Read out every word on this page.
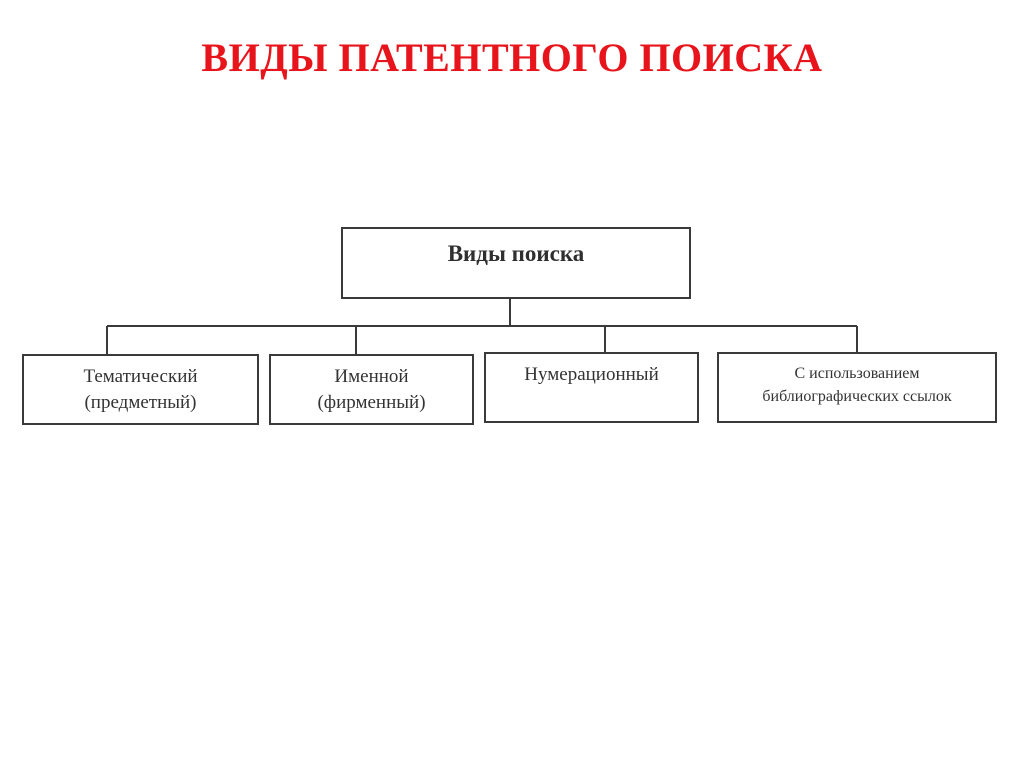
ВИДЫ ПАТЕНТНОГО ПОИСКА
Виды поиска
Тематический
(предметный)
Именной
(фирменный)
Нумерационный	С использованием
библиографических ссылок
